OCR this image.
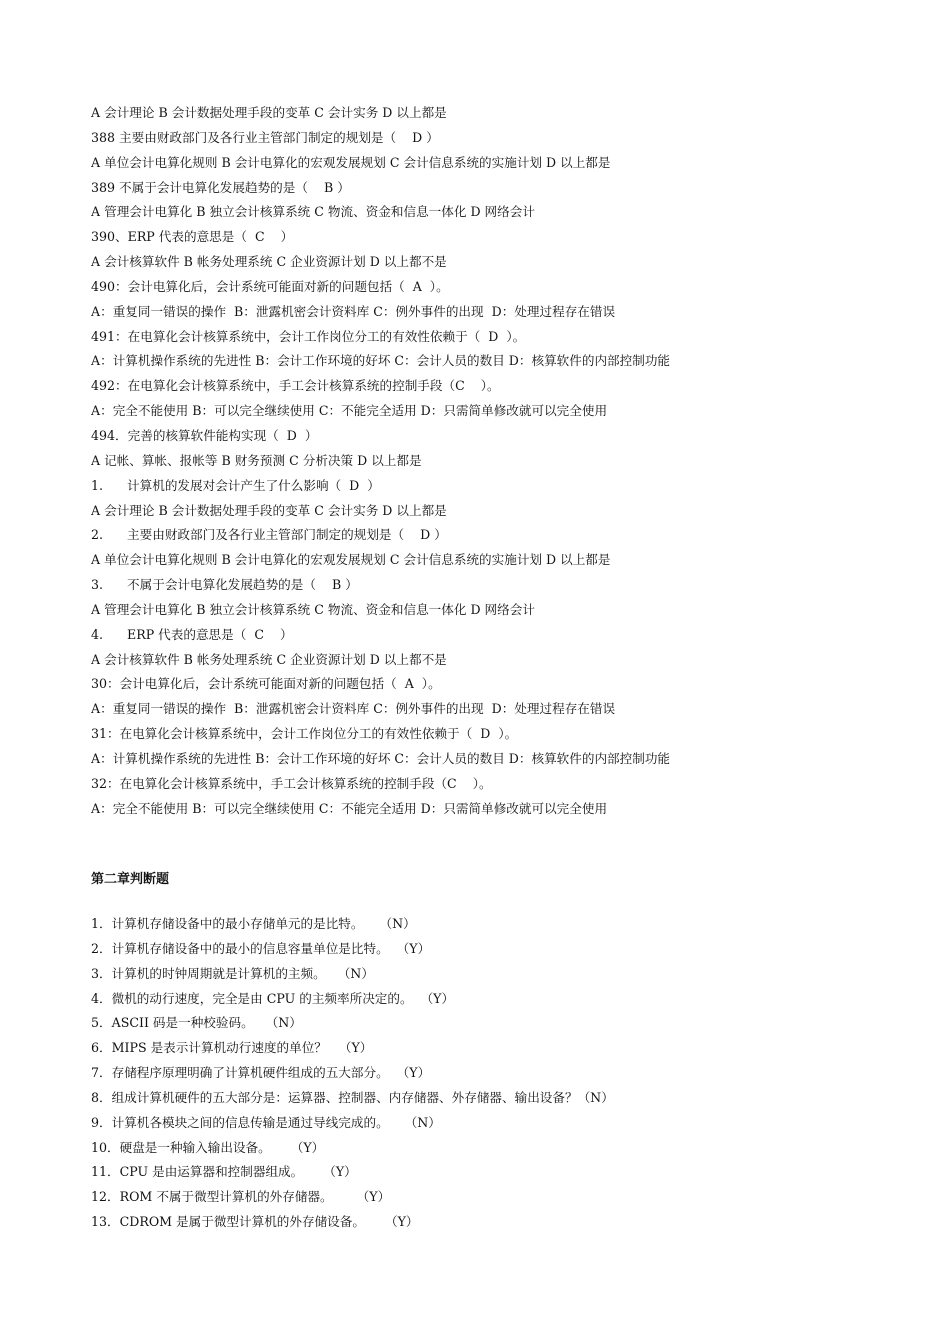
A 会计理论 B 会计数据处理手段的变革 C 会计实务 D 以上都是
388 主要由财政部门及各行业主管部门制定的规划是（    D ）
A 单位会计电算化规则 B 会计电算化的宏观发展规划 C 会计信息系统的实施计划 D 以上都是
389 不属于会计电算化发展趋势的是（    B ）
A 管理会计电算化 B 独立会计核算系统 C 物流、资金和信息一体化 D 网络会计
390、ERP 代表的意思是（  C    ）
A 会计核算软件 B 帐务处理系统 C 企业资源计划 D 以上都不是
490：会计电算化后，会计系统可能面对新的问题包括（  A  ）。
A：重复同一错误的操作  B：泄露机密会计资料库 C：例外事件的出现  D：处理过程存在错误
491：在电算化会计核算系统中，会计工作岗位分工的有效性依赖于（  D  ）。
A：计算机操作系统的先进性 B：会计工作环境的好坏 C：会计人员的数目 D：核算软件的内部控制功能
492：在电算化会计核算系统中，手工会计核算系统的控制手段（C    ）。
A：完全不能使用 B：可以完全继续使用 C：不能完全适用 D：只需简单修改就可以完全使用
494．完善的核算软件能构实现（  D  ）
A 记帐、算帐、报帐等 B 财务预测 C 分析决策 D 以上都是
1.      计算机的发展对会计产生了什么影响（  D  ）
A 会计理论 B 会计数据处理手段的变革 C 会计实务 D 以上都是
2.      主要由财政部门及各行业主管部门制定的规划是（    D ）
A 单位会计电算化规则 B 会计电算化的宏观发展规划 C 会计信息系统的实施计划 D 以上都是
3.      不属于会计电算化发展趋势的是（    B ）
A 管理会计电算化 B 独立会计核算系统 C 物流、资金和信息一体化 D 网络会计
4.      ERP 代表的意思是（  C    ）
A 会计核算软件 B 帐务处理系统 C 企业资源计划 D 以上都不是
30：会计电算化后，会计系统可能面对新的问题包括（  A  ）。
A：重复同一错误的操作  B：泄露机密会计资料库 C：例外事件的出现  D：处理过程存在错误
31：在电算化会计核算系统中，会计工作岗位分工的有效性依赖于（  D  ）。
A：计算机操作系统的先进性 B：会计工作环境的好坏 C：会计人员的数目 D：核算软件的内部控制功能
32：在电算化会计核算系统中，手工会计核算系统的控制手段（C    ）。
A：完全不能使用 B：可以完全继续使用 C：不能完全适用 D：只需简单修改就可以完全使用
第二章判断题
1．计算机存储设备中的最小存储单元的是比特。    （N）
2．计算机存储设备中的最小的信息容量单位是比特。  （Y）
3．计算机的时钟周期就是计算机的主频。   （N）
4．微机的动行速度，完全是由 CPU 的主频率所决定的。  （Y）
5．ASCII 码是一种校验码。   （N）
6．MIPS 是表示计算机动行速度的单位？   （Y）
7．存储程序原理明确了计算机硬件组成的五大部分。  （Y）
8．组成计算机硬件的五大部分是：运算器、控制器、内存储器、外存储器、输出设备？（N）
9．计算机各模块之间的信息传输是通过导线完成的。    （N）
10．硬盘是一种输入输出设备。     （Y）
11．CPU 是由运算器和控制器组成。     （Y）
12．ROM 不属于微型计算机的外存储器。      （Y）
13．CDROM 是属于微型计算机的外存储设备。     （Y）
